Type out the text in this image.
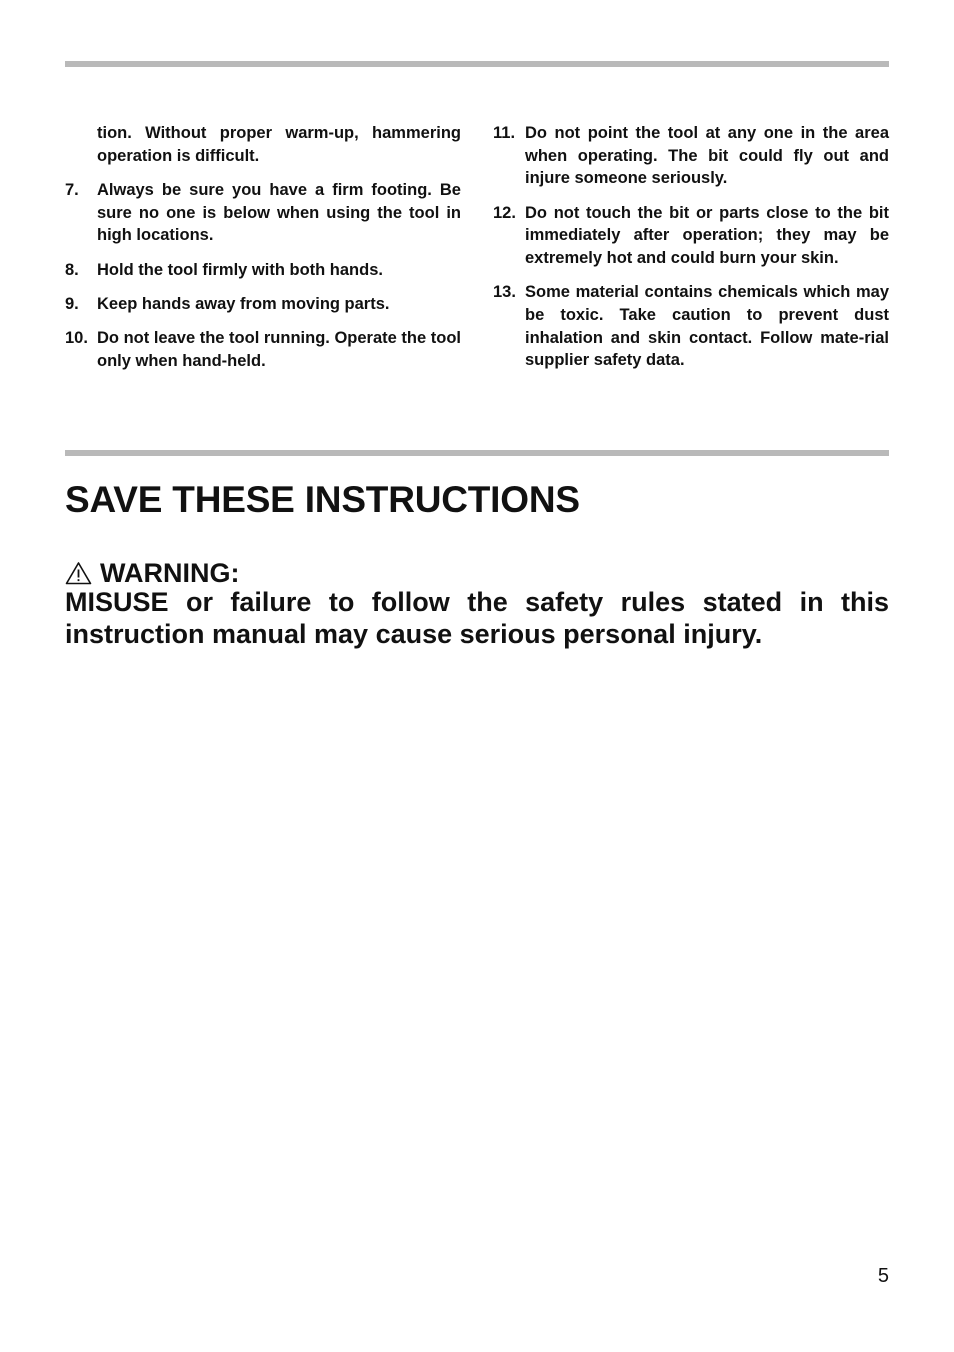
tion. Without proper warm-up, hammering operation is difficult.
7. Always be sure you have a firm footing. Be sure no one is below when using the tool in high locations.
8. Hold the tool firmly with both hands.
9. Keep hands away from moving parts.
10. Do not leave the tool running. Operate the tool only when hand-held.
11. Do not point the tool at any one in the area when operating. The bit could fly out and injure someone seriously.
12. Do not touch the bit or parts close to the bit immediately after operation; they may be extremely hot and could burn your skin.
13. Some material contains chemicals which may be toxic. Take caution to prevent dust inhalation and skin contact. Follow mate-rial supplier safety data.
SAVE THESE INSTRUCTIONS
WARNING:

MISUSE or failure to follow the safety rules stated in this instruction manual may cause serious personal injury.

5
